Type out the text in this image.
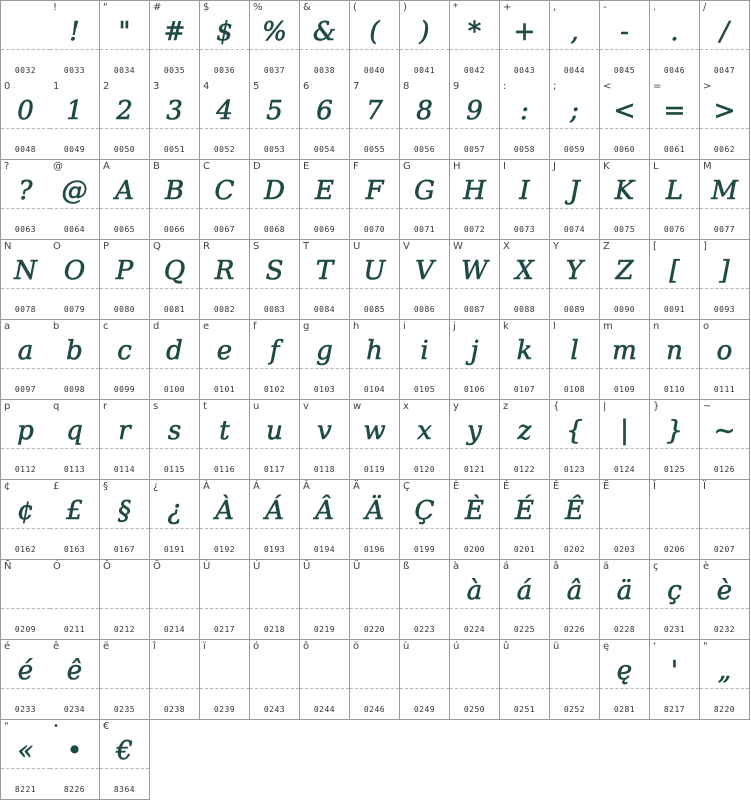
0032
!
!
0033
"
"
0034
#
#
0035
$
$
0036
%
%
0037
&
&
0038
(
(
0040
)
)
0041
*
*
0042
+
+
0043
,
,
0044
-
-
0045
.
.
0046
/
/
0047
0
0
0048
1
1
0049
2
2
0050
3
3
0051
4
4
0052
5
5
0053
6
6
0054
7
7
0055
8
8
0056
9
9
0057
:
:
0058
;
;
0059
<
<
0060
=
=
0061
>
>
0062
?
?
0063
@
@
0064
A
A
0065
B
B
0066
C
C
0067
D
D
0068
E
E
0069
F
F
0070
G
G
0071
H
H
0072
I
I
0073
J
J
0074
K
K
0075
L
L
0076
M
M
0077
N
N
0078
O
O
0079
P
P
0080
Q
Q
0081
R
R
0082
S
S
0083
T
T
0084
U
U
0085
V
V
0086
W
W
0087
X
X
0088
Y
Y
0089
Z
Z
0090
[
[
0091
]
]
0093
a
a
0097
b
b
0098
c
c
0099
d
d
0100
e
e
0101
f
f
0102
g
g
0103
h
h
0104
i
i
0105
j
j
0106
k
k
0107
l
l
0108
m
m
0109
n
n
0110
o
o
0111
p
p
0112
q
q
0113
r
r
0114
s
s
0115
t
t
0116
u
u
0117
v
v
0118
w
w
0119
x
x
0120
y
y
0121
z
z
0122
{
{
0123
|
|
0124
}
}
0125
~
~
0126
¢
¢
0162
£
£
0163
§
§
0167
¿
¿
0191
À
À
0192
Á
Á
0193
Â
Â
0194
Ä
Ä
0196
Ç
Ç
0199
È
È
0200
É
É
0201
Ê
Ê
0202
Ë
0203
Î
0206
Ï
0207
Ñ
0209
Ó
0211
Ô
0212
Ö
0214
Ù
0217
Ú
0218
Û
0219
Ü
0220
ß
0223
à
à
0224
á
á
0225
â
â
0226
ä
ä
0228
ç
ç
0231
è
è
0232
é
é
0233
ê
ê
0234
ë
0235
î
0238
ï
0239
ó
0243
ô
0244
ö
0246
ù
0249
ú
0250
û
0251
ü
0252
ę
ę
0281
‘
'
8217
"
„
8220
"
«
8221
•
•
8226
€
€
8364
